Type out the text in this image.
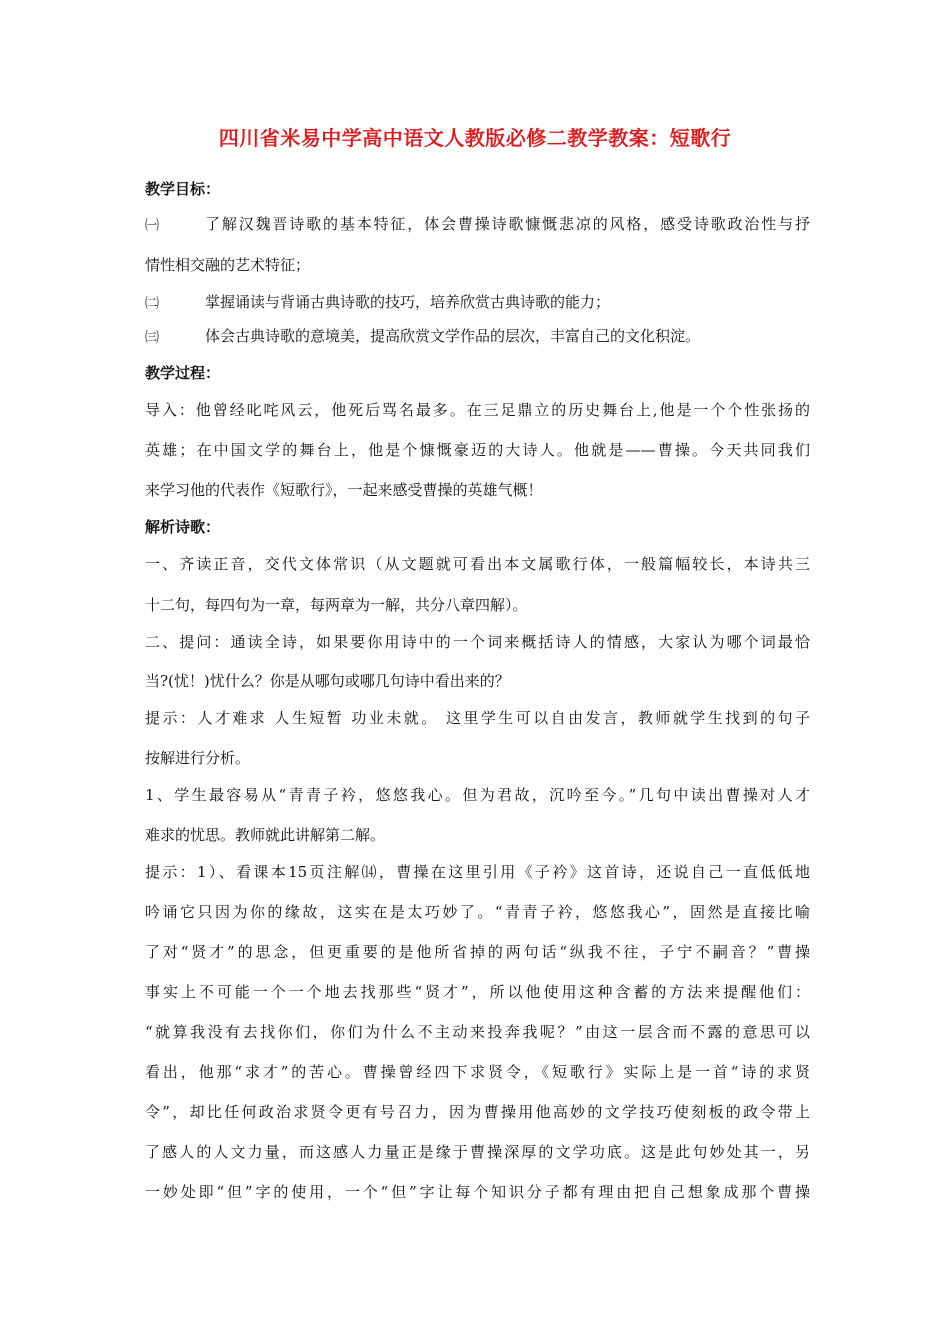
四川省米易中学高中语文人教版必修二教学教案：短歌行
教学目标：
㈠	了解汉魏晋诗歌的基本特征，体会曹操诗歌慷慨悲凉的风格，感受诗歌政治性与抒
情性相交融的艺术特征；
㈡	掌握诵读与背诵古典诗歌的技巧，培养欣赏古典诗歌的能力；
㈢	体会古典诗歌的意境美，提高欣赏文学作品的层次，丰富自己的文化积淀。
教学过程：
导入：他曾经叱咤风云，他死后骂名最多。在三足鼎立的历史舞台上,他是一个个性张扬的
英雄；在中国文学的舞台上，他是个慷慨豪迈的大诗人。他就是——曹操。今天共同我们
来学习他的代表作《短歌行》，一起来感受曹操的英雄气概！
解析诗歌：
一、齐读正音，交代文体常识（从文题就可看出本文属歌行体，一般篇幅较长，本诗共三
十二句，每四句为一章，每两章为一解，共分八章四解）。
二、提问：通读全诗，如果要你用诗中的一个词来概括诗人的情感，大家认为哪个词最恰
当?(忧！)忧什么？你是从哪句或哪几句诗中看出来的？
提示：人才难求 人生短暂 功业未就。 这里学生可以自由发言，教师就学生找到的句子
按解进行分析。
1、学生最容易从“青青子衿，悠悠我心。但为君故，沉吟至今。”几句中读出曹操对人才
难求的忧思。教师就此讲解第二解。
提示：1）、看课本15页注解⒁，曹操在这里引用《子衿》这首诗，还说自己一直低低地
吟诵它只因为你的缘故，这实在是太巧妙了。“青青子衿，悠悠我心”，固然是直接比喻
了对“贤才”的思念，但更重要的是他所省掉的两句话“纵我不往，子宁不嗣音？”曹操
事实上不可能一个一个地去找那些“贤才”，所以他使用这种含蓄的方法来提醒他们：
“就算我没有去找你们，你们为什么不主动来投奔我呢？”由这一层含而不露的意思可以
看出，他那“求才”的苦心。曹操曾经四下求贤令，《短歌行》实际上是一首“诗的求贤
令”，却比任何政治求贤令更有号召力，因为曹操用他高妙的文学技巧使刻板的政令带上
了感人的人文力量，而这感人力量正是缘于曹操深厚的文学功底。这是此句妙处其一，另
一妙处即“但”字的使用，一个“但”字让每个知识分子都有理由把自己想象成那个曹操
